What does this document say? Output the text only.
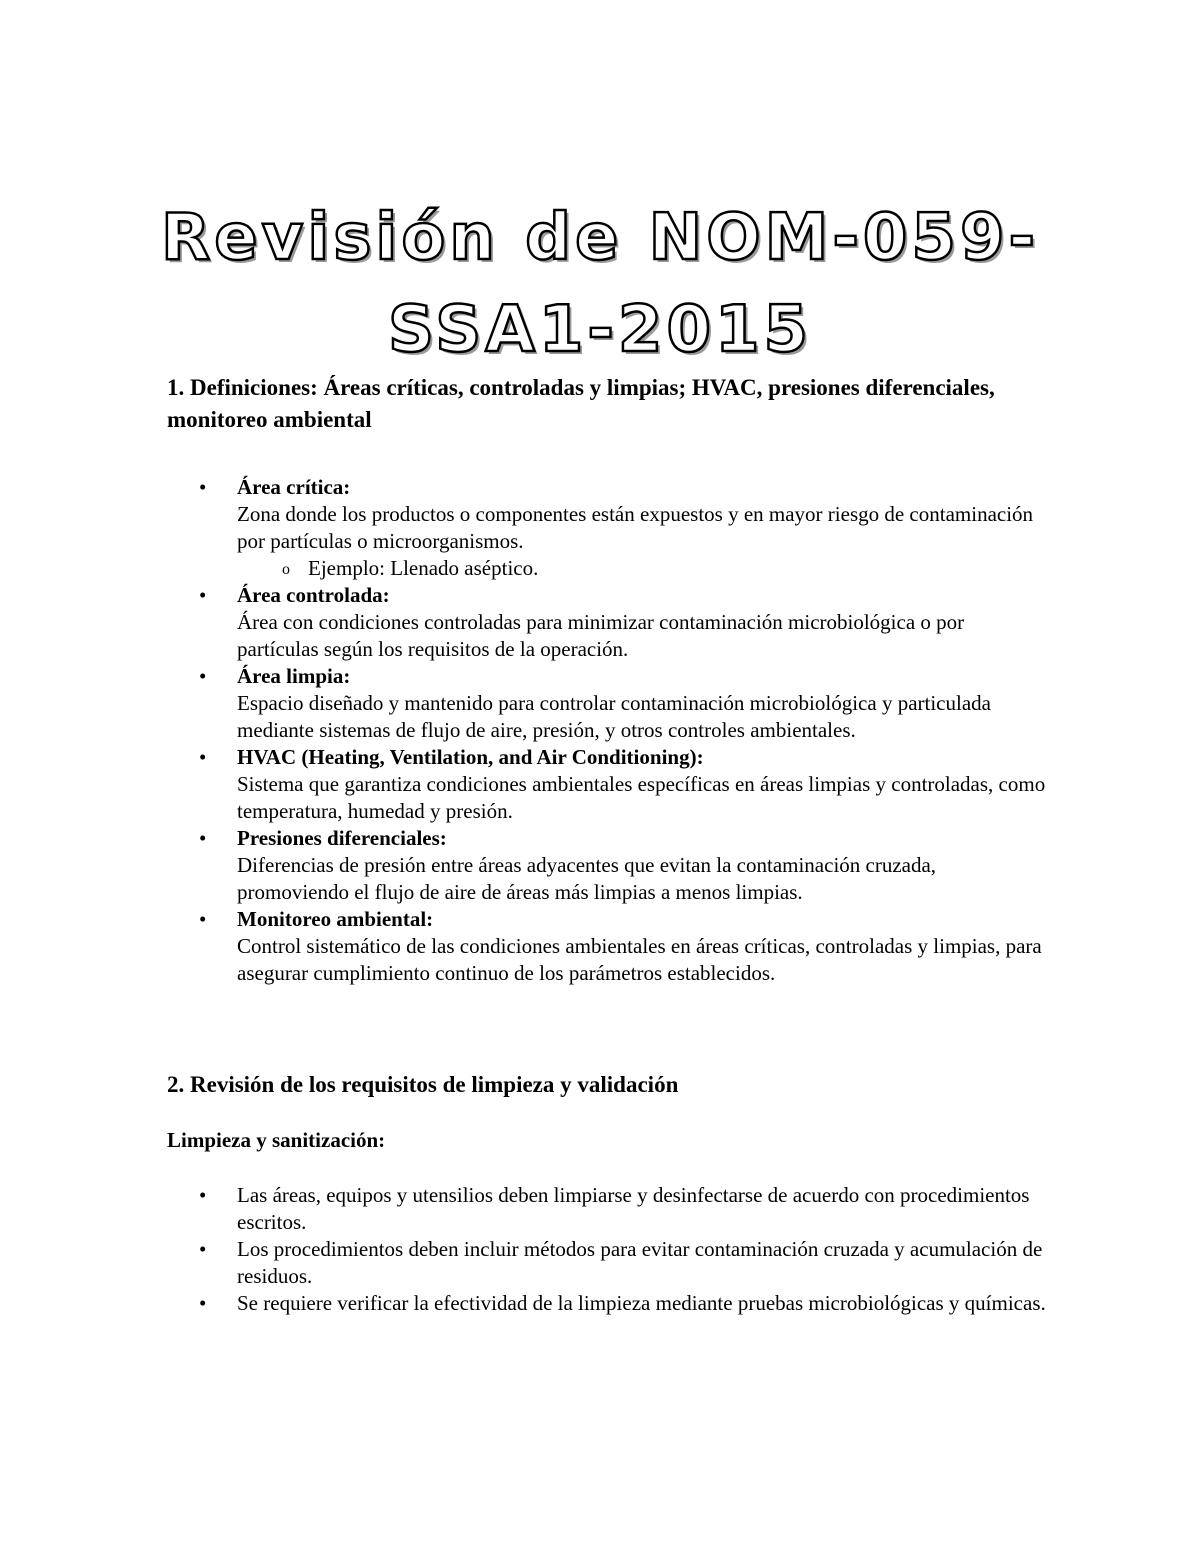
Revisión de NOM-059-
SSA1-2015
1. Definiciones: Áreas críticas, controladas y limpias; HVAC, presiones diferenciales, monitoreo ambiental
• Área crítica:
Zona donde los productos o componentes están expuestos y en mayor riesgo de contaminación por partículas o microorganismos.
o Ejemplo: Llenado aséptico.
• Área controlada:
Área con condiciones controladas para minimizar contaminación microbiológica o por partículas según los requisitos de la operación.
• Área limpia:
Espacio diseñado y mantenido para controlar contaminación microbiológica y particulada mediante sistemas de flujo de aire, presión, y otros controles ambientales.
• HVAC (Heating, Ventilation, and Air Conditioning):
Sistema que garantiza condiciones ambientales específicas en áreas limpias y controladas, como temperatura, humedad y presión.
• Presiones diferenciales:
Diferencias de presión entre áreas adyacentes que evitan la contaminación cruzada, promoviendo el flujo de aire de áreas más limpias a menos limpias.
• Monitoreo ambiental:
Control sistemático de las condiciones ambientales en áreas críticas, controladas y limpias, para asegurar cumplimiento continuo de los parámetros establecidos.
2. Revisión de los requisitos de limpieza y validación

Limpieza y sanitización:

• Las áreas, equipos y utensilios deben limpiarse y desinfectarse de acuerdo con procedimientos escritos.
• Los procedimientos deben incluir métodos para evitar contaminación cruzada y acumulación de residuos.
• Se requiere verificar la efectividad de la limpieza mediante pruebas microbiológicas y químicas.
